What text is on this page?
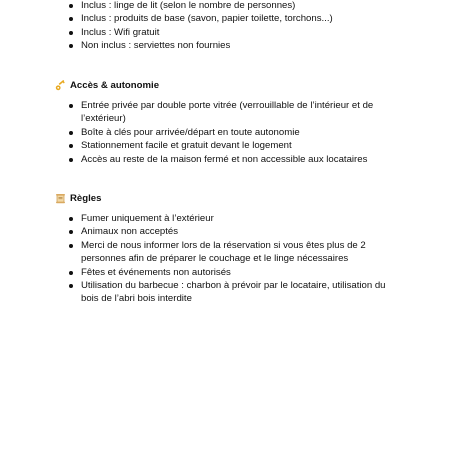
Inclus : linge de lit (selon le nombre de personnes)
Inclus : produits de base (savon, papier toilette, torchons...)
Inclus : Wifi gratuit
Non inclus : serviettes non fournies
Accès & autonomie
Entrée privée par double porte vitrée (verrouillable de l’intérieur et de l’extérieur)
Boîte à clés pour arrivée/départ en toute autonomie
Stationnement facile et gratuit devant le logement
Accès au reste de la maison fermé et non accessible aux locataires
Règles
Fumer uniquement à l’extérieur
Animaux non acceptés
Merci de nous informer lors de la réservation si vous êtes plus de 2 personnes afin de préparer le couchage et le linge nécessaires
Fêtes et événements non autorisés
Utilisation du barbecue : charbon à prévoir par le locataire, utilisation du bois de l’abri bois interdite
